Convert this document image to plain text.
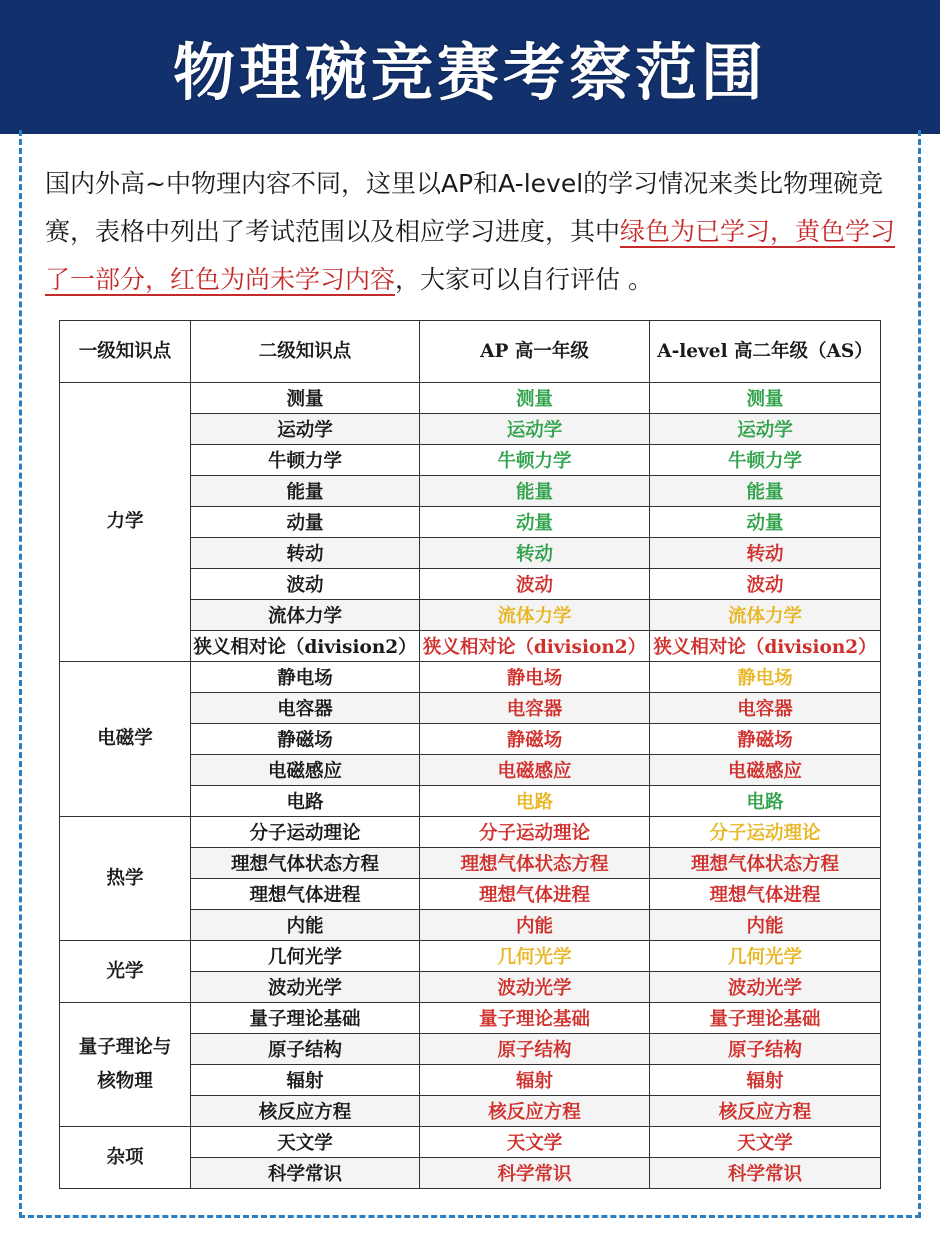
物理碗竞赛考察范围
国内外高~中物理内容不同，这里以AP和A-level的学习情况来类比物理碗竞赛，表格中列出了考试范围以及相应学习进度，其中绿色为已学习，黄色学习了一部分，红色为尚未学习内容，大家可以自行评估 。
一级知识点	二级知识点	AP 高一年级	A-level 高二年级（AS）
力学	测量	测量	测量
	运动学	运动学	运动学
	牛顿力学	牛顿力学	牛顿力学
	能量	能量	能量
	动量	动量	动量
	转动	转动	转动
	波动	波动	波动
	流体力学	流体力学	流体力学
	狭义相对论（division2）	狭义相对论（division2）	狭义相对论（division2）
电磁学	静电场	静电场	静电场
	电容器	电容器	电容器
	静磁场	静磁场	静磁场
	电磁感应	电磁感应	电磁感应
	电路	电路	电路
热学	分子运动理论	分子运动理论	分子运动理论
	理想气体状态方程	理想气体状态方程	理想气体状态方程
	理想气体进程	理想气体进程	理想气体进程
	内能	内能	内能
光学	几何光学	几何光学	几何光学
	波动光学	波动光学	波动光学
量子理论与核物理	量子理论基础	量子理论基础	量子理论基础
	原子结构	原子结构	原子结构
	辐射	辐射	辐射
	核反应方程	核反应方程	核反应方程
杂项	天文学	天文学	天文学
	科学常识	科学常识	科学常识
